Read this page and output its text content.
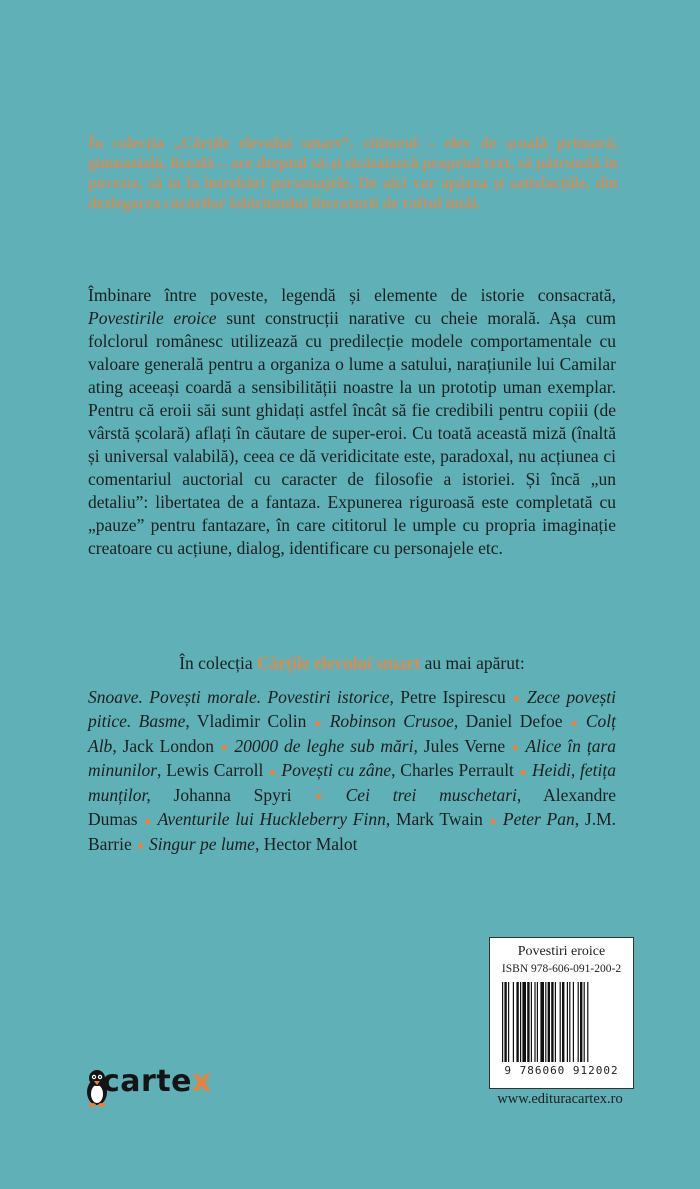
În colecția „Cărțile elevului smart”, cititorul – elev de școală primară, gimnazială, liceală – are dreptul să-și sicâtaiască propriul text, să pătrundă în poveste, să ia la întrebări personajele. De aici vor apărea și satisfacțiile, din dezlegarea cărărilor labirintului literaturii de raftul întâi.

Îmbinare între poveste, legendă și elemente de istorie consacrată, Povestirile eroice sunt construcții narative cu cheie morală. Așa cum folclorul românesc utilizează cu predilecție modele comportamentale cu valoare generală pentru a organiza o lume a satului, narațiunile lui Camilar ating aceeași coardă a sensibilității noastre la un prototip uman exemplar. Pentru că eroii săi sunt ghidați astfel încât să fie credibili pentru copiii (de vârstă școlară) aflați în căutare de super-eroi. Cu toată această miză (înaltă și universal valabilă), ceea ce dă veridicitate este, paradoxal, nu acțiunea ci comentariul auctorial cu caracter de filosofie a istoriei. Și încă „un detaliu”: libertatea de a fantaza. Expunerea riguroasă este completată cu „pauze” pentru fantazare, în care cititorul le umple cu propria imaginație creatoare cu acțiune, dialog, identificare cu personajele etc.

În colecția Cărțile elevului smart au mai apărut:

Snoave. Povești morale. Povestiri istorice, Petre Ispirescu ● Zece povești pitice. Basme, Vladimir Colin ● Robinson Crusoe, Daniel Defoe ● Colț Alb, Jack London ● 20000 de leghe sub mări, Jules Verne ● Alice în țara minunilor, Lewis Carroll ● Povești cu zâne, Charles Perrault ● Heidi, fetița munților, Johanna Spyri ● Cei trei muschetari, Alexandre Dumas ● Aventurile lui Huckleberry Finn, Mark Twain ● Peter Pan, J.M. Barrie ● Singur pe lume, Hector Malot

Povestiri eroice
ISBN 978-606-091-200-2
9 786060 912002
www.edituracartex.ro
cartex
